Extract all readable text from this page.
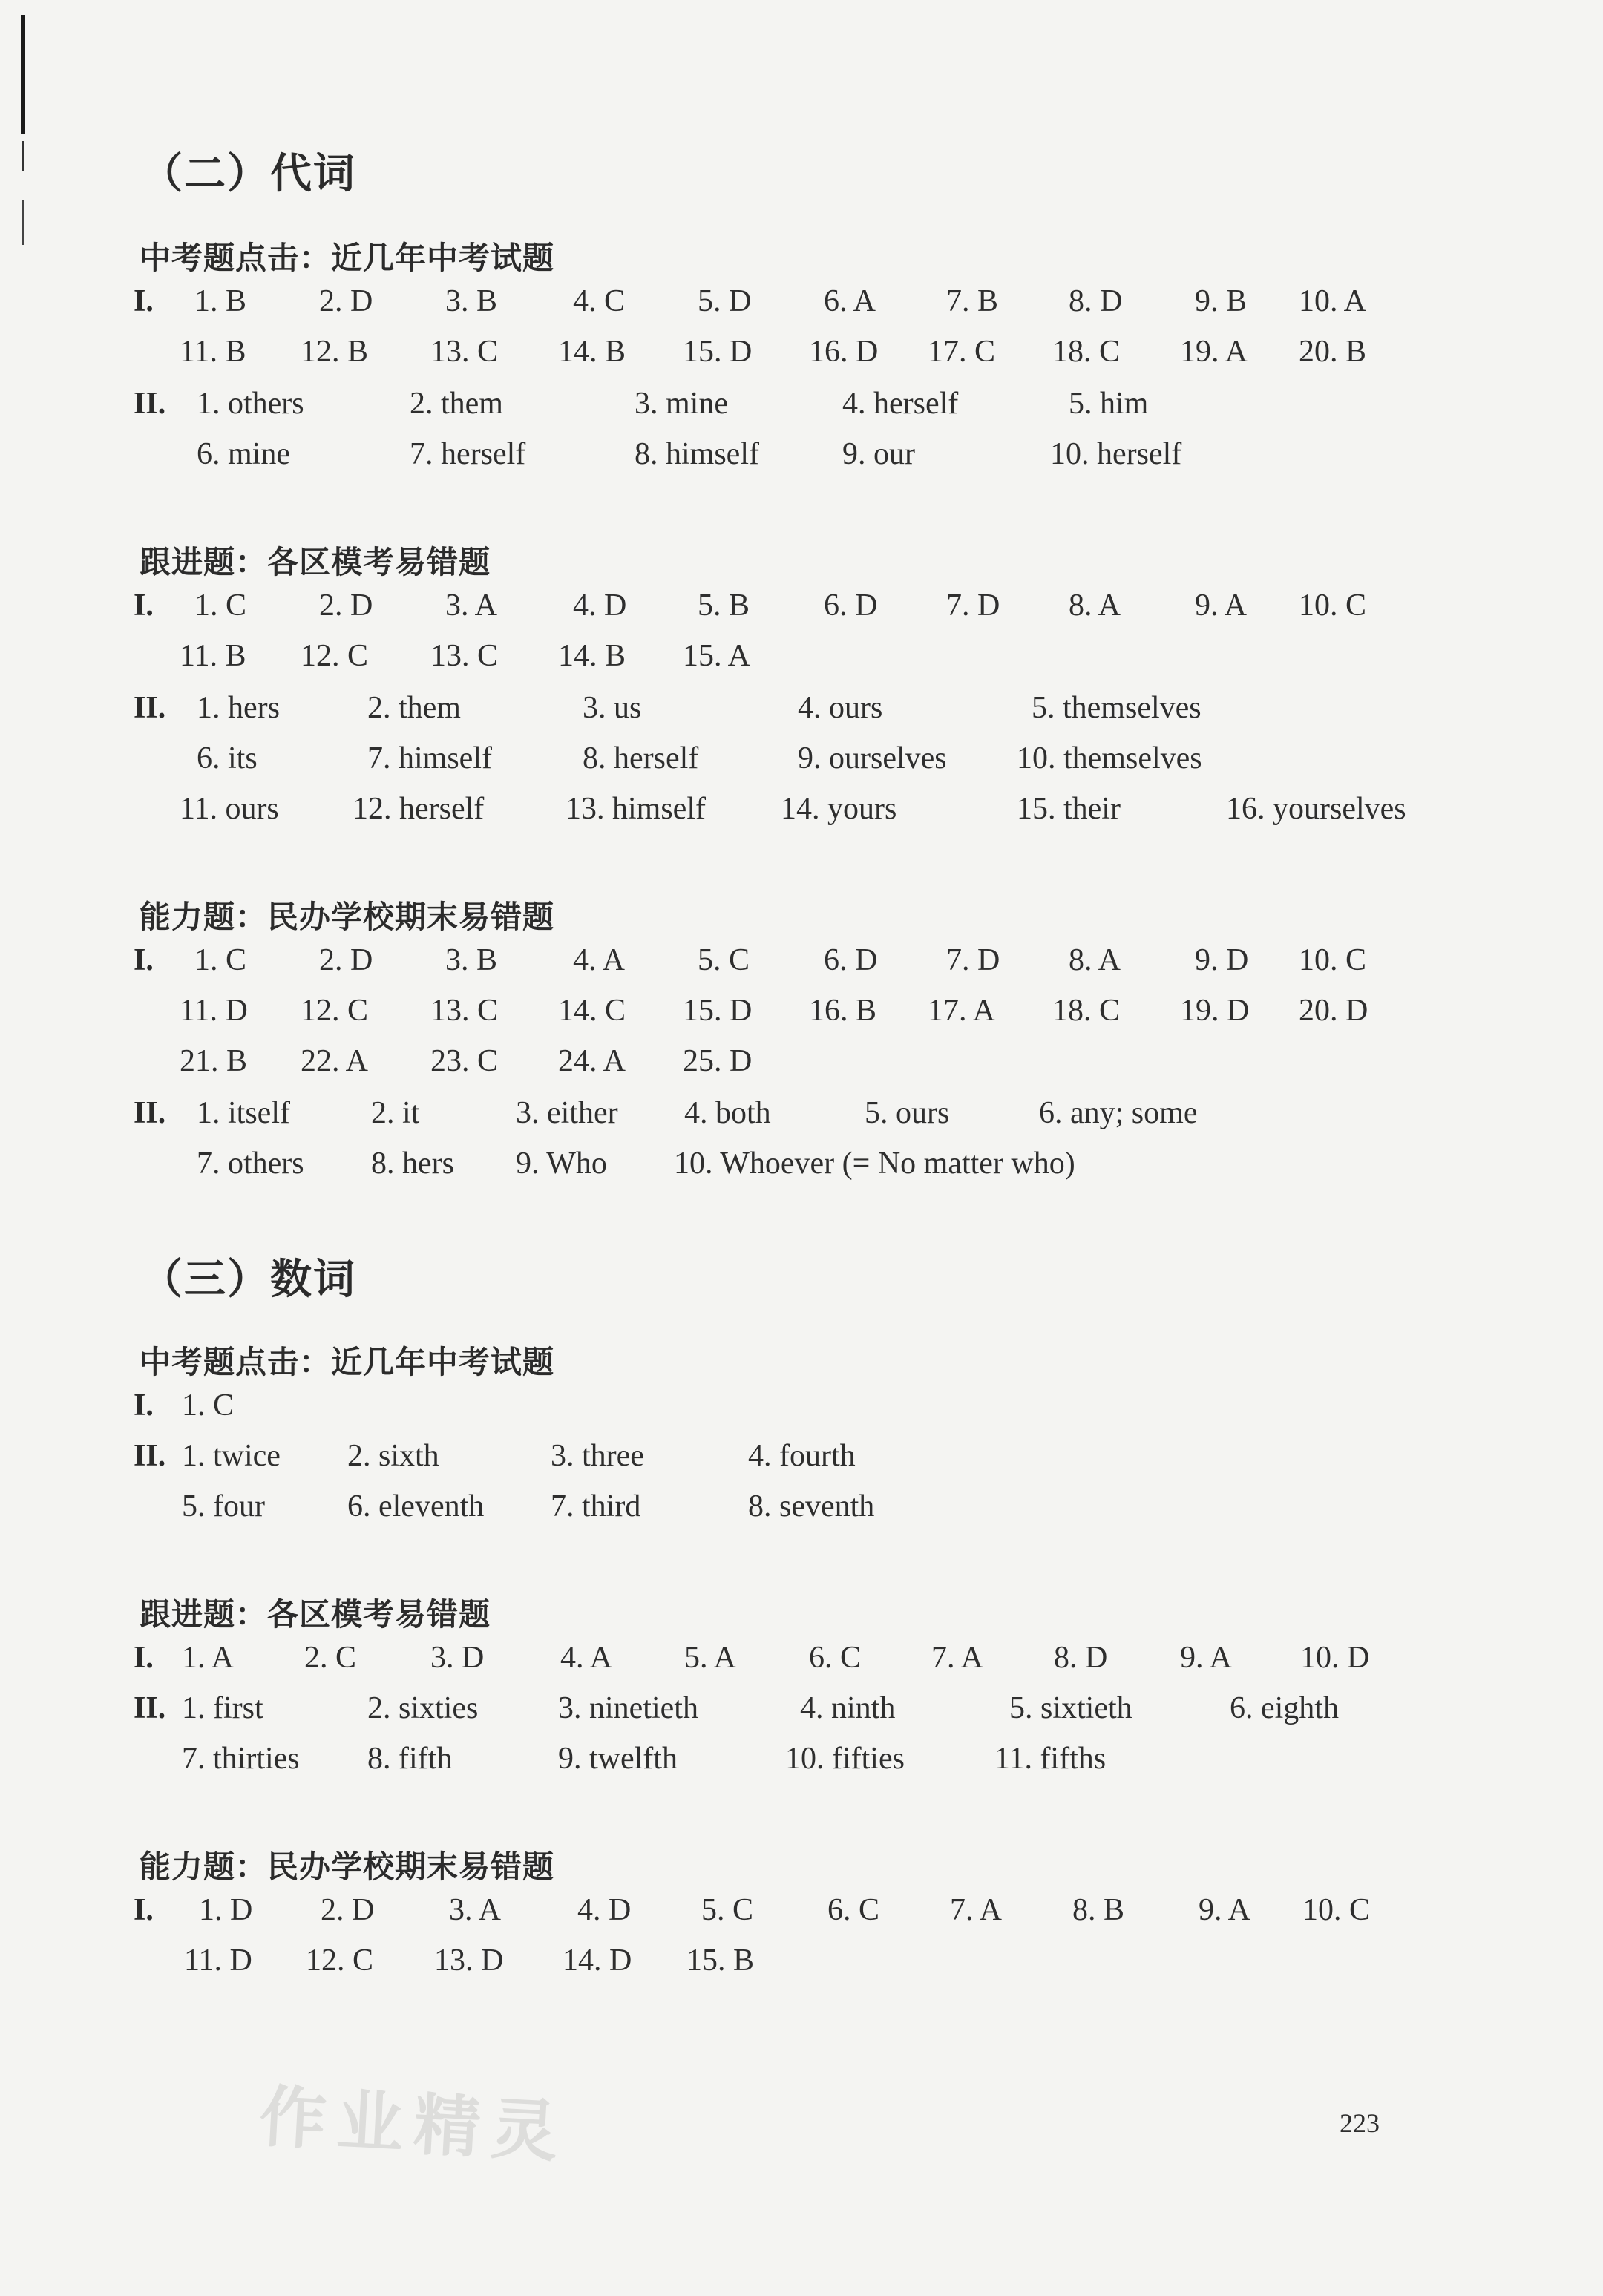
（二）代词
中考题点击：近几年中考试题
I. 1. B 2. D 3. B 4. C 5. D 6. A 7. B 8. D 9. B 10. A
11. B 12. B 13. C 14. B 15. D 16. D 17. C 18. C 19. A 20. B
II. 1. others	2. them	3. mine	4. herself	5. him
6. mine	7. herself	8. himself	9. our	10. herself
跟进题：各区模考易错题
I. 1. C 2. D 3. A 4. D 5. B 6. D 7. D 8. A 9. A 10. C
11. B 12. C 13. C 14. B 15. A
II. 1. hers	2. them	3. us	4. ours	5. themselves
6. its	7. himself	8. herself	9. ourselves 10. themselves
11. ours 12. herself	13. himself 14. yours	15. their	16. yourselves
能力题：民办学校期末易错题
I. 1. C 2. D 3. B 4. A 5. C 6. D 7. D 8. A 9. D 10. C
11. D 12. C 13. C 14. C 15. D 16. B 17. A 18. C 19. D 20. D
21. B 22. A 23. C 24. A 25. D
II. 1. itself	2. it	3. either 4. both	5. ours	6. any; some
7. others 8. hers 9. Who 10. Whoever (= No matter who)
（三）数词
中考题点击：近几年中考试题
I. 1. C
II. 1. twice 2. sixth	3. three	4. fourth
5. four	6. eleventh 7. third	8. seventh
跟进题：各区模考易错题
I. 1. A 2. C 3. D 4. A 5. A 6. C 7. A 8. D 9. A 10. D
II. 1. first	2. sixties	3. ninetieth	4. ninth	5. sixtieth	6. eighth
7. thirties 8. fifth	9. twelfth	10. fifties	11. fifths
能力题：民办学校期末易错题
I. 1. D 2. D 3. A 4. D 5. C 6. C 7. A 8. B 9. A 10. C
11. D 12. C 13. D 14. D 15. B
作业精灵	223
